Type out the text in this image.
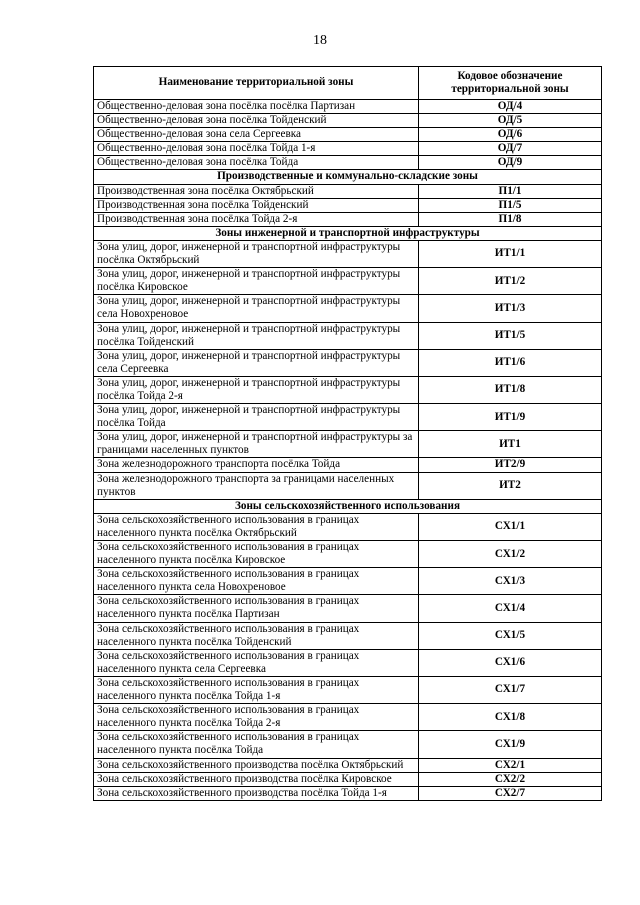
18
Наименование территориальной зоны	Кодовое обозначение территориальной зоны
Общественно-деловая зона посёлка посёлка Партизан	ОД/4
Общественно-деловая зона посёлка Тойденский	ОД/5
Общественно-деловая зона села Сергеевка	ОД/6
Общественно-деловая зона посёлка Тойда 1-я	ОД/7
Общественно-деловая зона посёлка Тойда	ОД/9
Производственные и коммунально-складские зоны	
Производственная зона посёлка Октябрьский	П1/1
Производственная зона посёлка Тойденский	П1/5
Производственная зона посёлка Тойда 2-я	П1/8
Зоны инженерной и транспортной инфраструктуры	
Зона улиц, дорог, инженерной и транспортной инфраструктуры посёлка Октябрьский	ИТ1/1
Зона улиц, дорог, инженерной и транспортной инфраструктуры посёлка Кировское	ИТ1/2
Зона улиц, дорог, инженерной и транспортной инфраструктуры села Новохреновое	ИТ1/3
Зона улиц, дорог, инженерной и транспортной инфраструктуры посёлка Тойденский	ИТ1/5
Зона улиц, дорог, инженерной и транспортной инфраструктуры села Сергеевка	ИТ1/6
Зона улиц, дорог, инженерной и транспортной инфраструктуры посёлка Тойда 2-я	ИТ1/8
Зона улиц, дорог, инженерной и транспортной инфраструктуры посёлка Тойда	ИТ1/9
Зона улиц, дорог, инженерной и транспортной инфраструктуры за границами населенных пунктов	ИТ1
Зона железнодорожного транспорта посёлка Тойда	ИТ2/9
Зона железнодорожного транспорта за границами населенных пунктов	ИТ2
Зоны сельскохозяйственного использования	
Зона сельскохозяйственного использования в границах населенного пункта посёлка Октябрьский	СХ1/1
Зона сельскохозяйственного использования в границах населенного пункта посёлка Кировское	СХ1/2
Зона сельскохозяйственного использования в границах населенного пункта села Новохреновое	СХ1/3
Зона сельскохозяйственного использования в границах населенного пункта посёлка Партизан	СХ1/4
Зона сельскохозяйственного использования в границах населенного пункта посёлка Тойденский	СХ1/5
Зона сельскохозяйственного использования в границах населенного пункта села Сергеевка	СХ1/6
Зона сельскохозяйственного использования в границах населенного пункта посёлка Тойда 1-я	СХ1/7
Зона сельскохозяйственного использования в границах населенного пункта посёлка Тойда 2-я	СХ1/8
Зона сельскохозяйственного использования в границах населенного пункта посёлка Тойда	СХ1/9
Зона сельскохозяйственного производства посёлка Октябрьский	СХ2/1
Зона сельскохозяйственного производства посёлка Кировское	СХ2/2
Зона сельскохозяйственного производства посёлка Тойда 1-я	СХ2/7
